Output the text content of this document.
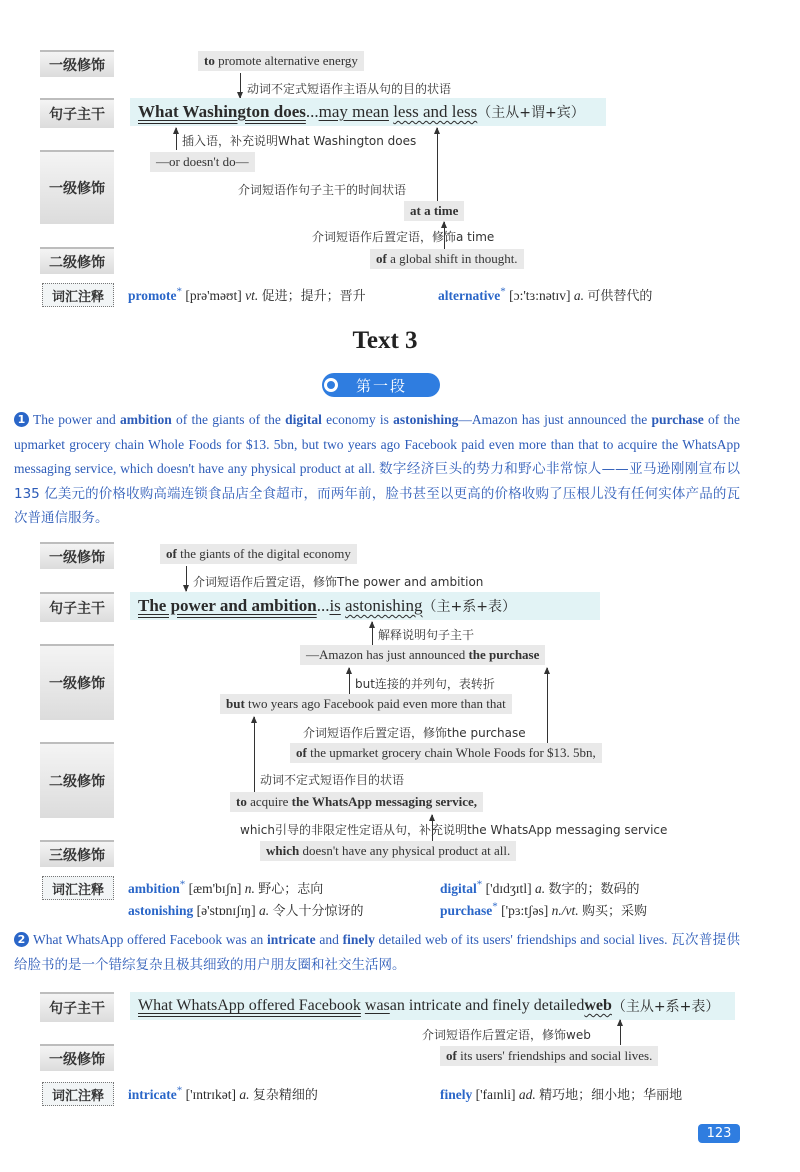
一级修饰	to promote alternative energy
动词不定式短语作主语从句的目的状语
句子主干	What Washington does ... may mean
less and less （主从+谓+宾）
插入语，补充说明What Washington does
一级修饰
—or doesn't do—
介词短语作句子主干的时间状语
at a time
介词短语作后置定语，修饰a time
二级修饰	of a global shift in thought.
词汇注释	promote* [prə'məʊt] vt. 促进；提升；晋升	alternative* [ɔ:'tɜ:nətɪv] a. 可供替代的
Text 3
第一段
1 The power and ambition of the giants of the digital economy is astonishing—Amazon has just announced the purchase of the upmarket grocery chain Whole Foods for $13. 5bn, but two years ago Facebook paid even more than that to acquire the WhatsApp messaging service, which doesn't have any physical product at all. 数字经济巨头的势力和野心非常惊人——亚马逊刚刚宣布以 135 亿美元的价格收购高端连锁食品店全食超市，而两年前，脸书甚至以更高的价格收购了压根儿没有任何实体产品的瓦次普通信服务。
一级修饰	of the giants of the digital economy
介词短语作后置定语，修饰The power and ambition
句子主干	The power and ambition ... is
astonishing （主+系+表）
解释说明句子主干
一级修饰
—Amazon has just announced the purchase
but连接的并列句，表转折
but two years ago Facebook paid even more than that
介词短语作后置定语，修饰the purchase
二级修饰
of the upmarket grocery chain Whole Foods for $13. 5bn,
动词不定式短语作目的状语
to acquire the WhatsApp messaging service,
which引导的非限定性定语从句，补充说明the WhatsApp messaging service
三级修饰	which doesn't have any physical product at all.
词汇注释	ambition* [æm'bɪʃn] n. 野心；志向	digital* ['dɪdʒɪtl] a. 数字的；数码的
astonishing [ə'stɒnɪʃɪŋ] a. 令人十分惊讶的	purchase* ['pɜ:tʃəs] n./vt. 购买；采购
2 What WhatsApp offered Facebook was an intricate and finely detailed web of its users' friendships and social lives. 瓦次普提供给脸书的是一个错综复杂且极其细致的用户朋友圈和社交生活网。
句子主干	What WhatsApp offered Facebook
was an intricate and finely detailed web （主从+系+表）
介词短语作后置定语，修饰web
一级修饰	of its users' friendships and social lives.
词汇注释	intricate* ['ɪntrɪkət] a. 复杂精细的	finely ['faɪnli] ad. 精巧地；细小地；华丽地
123
